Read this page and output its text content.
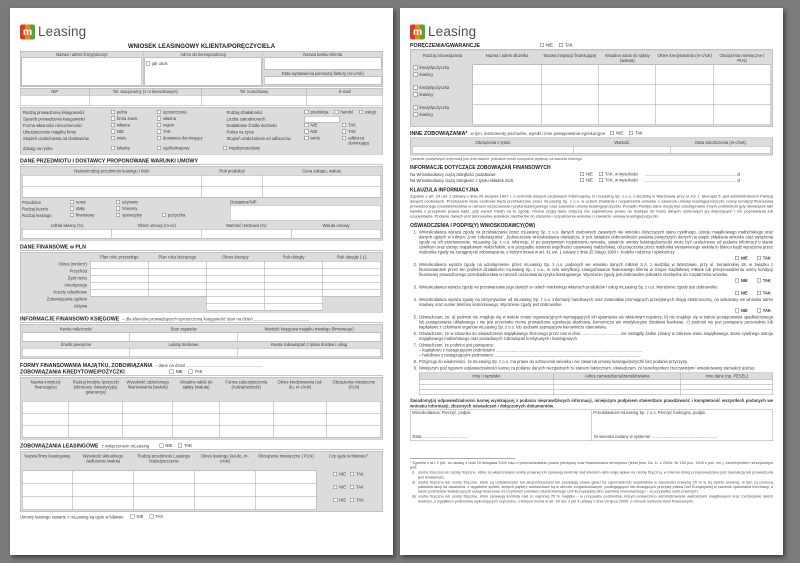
m Leasing
WNIOSEK LEASINGOWY KLIENTA/PORĘCZYCIELA
Nazwa i adres firmy/pieczęć	Adres do korespondencji
jak obok
Nazwa banku Klienta
Data wystawienia pierwszej faktury (m-c/rok)
NIP	Tel. stacjonarny (z nr kierunkowym)	Tel. komórkowy	E-mail

Rodzaj prowadzonej księgowości:	pełna	uproszczona
Sposób prowadzenia księgowości	firma zewn.	własna
Forma własności nieruchomości	własna	najem
Ubezpieczenie majątku firmy	NIE	TAK
Stopień uzależnienia od dostawców	wielu	dostawca dominujący
Rodzaj działalności:	produkcja handel usługi
Liczba zatrudnionych
Dodatkowe źródła dochodu	NIE	TAK
Polisa na życie	NIE	TAK
Stopień uzależnienia od odbiorców	wielu	odbiorca dominujący
Zasięg na rynku	lokalny	ogólnokrajowy	międzynarodowy
DANE PRZEDMIOTU I DOSTAWCY PROPONOWANE WARUNKI UMOWY
Nazwa/rodzaj przedmiotu leasingu / ilość	Rok produkcji	Cena zakupu, waluta

Przedmiot	nowy	używany
Rodzaj kosztu	stały	zmienny
Rodzaj leasingu	finansowy	operacyjny	pożyczka
Dostawca/NIP
Udział własny (%)	Okres umowy (m-ce)	Wartość resztowa (%)	Waluta umowy

DANE FINANSOWE w PLN
	Plan roku przyszłego	Plan roku bieżącego	Okres bieżący	Rok ubiegły	Rok ubiegły (-1)
Okres (mm/rrrr)					
Przychód					
Zysk netto					
Amortyzacja					
Koszty odsetkowe					
Zobowiązania ogółem					
Aktywa					
INFORMACJE FINANSOWO KSIĘGOWE – dla klientów prowadzących uproszczoną księgowość stan na dzień
Kwota należności	Stan zapasów	Wartość księgowa majątku trwałego (firmowego)

Środki pieniężne	Lokaty bankowe	Kwota zobowiązań z tytułu dostaw i usług

FORMY FINANSOWANIA MAJĄTKU, ZOBOWIĄZANIA - dane na dzień
ZOBOWIĄZANIA KREDYTOWE/POŻYCZKI	NIE TAK
Nazwa instytucji finansującej	Rodzaj kredytu /pożyczki (obrotowy, inwestycyjny, gwarancja)	Wysokość udzielonego finansowania (waluta)	Aktualne saldo do spłaty (waluta)	Forma zabezpieczenia (rodzaj/wartość)	Okres kredytowania (od-do, m-c/rok)	Obciążenia miesięczne (PLN)

ZOBOWIĄZANIA LEASINGOWE z wyłączeniem mLeasing NIE TAK
Nazwa firmy leasingowej	Wysokość aktualnego zadłużenia /waluta	Rodzaj przedmiotu Leasingu /zabezpieczenie	Okres leasingu (od-do, m-c/rok)	Obciążenia miesięczne ( PLN)	Czy ujęte w bilansie?

					NIE TAK

					NIE TAK

					NIE TAK
Umowy leasingu zawarte z mLeasing są ujęte w bilansie NIE TAK
m Leasing
PORĘCZENIA/GWARANCJE	NIE TAK
Rodzaj zobowiązania	Nazwa i adres dłużnika	Nazwa instytucji finansującej	Aktualne saldo do spłaty (waluta)	Okres kredytowania (m-c/rok)	Obciążenia miesięczne ( PLN)

kredyt/pożyczka
leasing					

kredyt/pożyczka
leasing					

kredyt/pożyczka
leasing					

INNE ZOBOWIĄZANIA* w tym: instrumenty pochodne, wyroki i inne postępowania egzekucyjne NIE TAK
Obciążenia z tytułu	Wartość	Data zakończenia (m-c/rok)

*podanie powyższych informacji jest dobrowolne, jednakże może korzystnie wpłynąć na warunki leasingu
INFORMACJE DOTYCZĄCE ZOBOWIĄZAŃ FINANSOWYCH
Na Wnioskodawcy ciążą zaległości podatkowe.	NIE TAK, w wysokości	zł
Na Wnioskodawcy ciążą zaległości z tytułu składek ZUS.	NIE TAK, w wysokości	zł
KLAUZULA INFORMACYJNA

Zgodnie z art. 24 ust. 1 Ustawy z dnia 29 sierpnia 1997 r. o ochronie danych osobowych informujemy, iż mLeasing Sp. z o.o. z siedzibą w Warszawie przy ul. Ks. I. Skorupki 5, jest administratorem Pani(a) danych osobowych. Przekazane dane osobowe będą przetwarzane przez mLeasing Sp. z o.o. w celach zbadania i rozpatrzenia wniosku o zawarcie umowy leasingu/pożyczki, oceny kondycji finansowej prowadzonego przedsiębiorstwa w ramach oszacowania ryzyka leasingowego oraz zawarcia umowy leasingu/pożyczki. Ponadto Pani(a) dane mogą być udostępniane innym podmiotom gdy obowiązek taki wynika z przepisów prawa bądź, gdy wyrazi Pan(i) na to zgodę. Osoba czyjej dane dotyczą ma zapewnione prawo do dostępu do treści danych osobowych jej dotyczących i ich poprawiania lub uzupełniania. Podanie danych jest dobrowolne jednakże niezbędne do złożenia i rozpatrzenia wniosku o zawarcie umowy leasingu/pożyczki.

OŚWIADCZENIA I PODPIS(Y) WNIOSKODAWCY(ÓW)
1. Wnioskodawca wyraża zgodę na przetwarzanie przez mLeasing Sp. z o.o. danych osobowych zawartych we wniosku dotyczących stanu cywilnego, ustroju majątkowego małżeńskiego oraz danych ujętych w rubryce „Inne zobowiązania”. Jednocześnie wnioskodawca oświadcza, iż jest świadom dobrowolności podania powyższych danych na etapie składania wniosku oraz wyrażenia zgody na ich przetwarzanie. mLeasing Sp. z o.o. informuje, iż po pozytywnym rozpatrzeniu wniosku, zawarcie umowy leasingu/pożyczki może być uzależnione od podania informacji o stanie cywilnym oraz ustroju majątkowym małżeńskim, a w przypadku istnienia wspólności ustawowej małżeńskiej, od poręczenia przez małżonka wystawionego weksla in blanco bądź wyrażenia przez małżonka zgody na zaciągnięcie zobowiązania, o którym mowa w art. 41 ust. 1 ustawy z dnia 25 lutego 1964 r. Kodeks rodzinny i opiekuńczy.
NIE TAK
2. Wnioskodawca wyraża zgodę na udostępnienie przez mLeasing Sp. z o.o. podanych we wniosku danych mBank S.A. z siedzibą w Warszawie, przy ul. Senatorskiej 18, w związku z finansowaniem przez ten podmiot działalności mLeasing Sp. z o.o., w celu weryfikacji zaangażowania finansowego klienta w Grupie Kapitałowej mBank lub przeprowadzenia oceny kondycji finansowej prowadzonego przedsiębiorstwa w ramach oszacowania ryzyka leasingowego. Wyrażenie zgody jest dobrowolne jednakże niezbędne do rozpatrzenia wniosku.
NIE TAK
3. Wnioskodawca wyraża zgodę na przetwarzanie jego danych w celach marketingu własnych produktów i usług mLeasing Sp. z o.o. Wyrażenie zgody jest dobrowolne.
NIE TAK
4. Wnioskodawca wyraża zgodę na otrzymywanie od mLeasing Sp. z o.o. informacji handlowych oraz materiałów promujących przesyłanych drogą elektroniczną, na wskazany we wniosku adres mailowy oraz numer telefonu komórkowego. Wyrażenie zgody jest dobrowolne.
NIE TAK
5. Oświadczam, że: a) podmiot nie znajduje się w trakcie zmian organizacyjnych wymagających ich ujawnienia we właściwym rejestrze, b) nie znajduje się w trakcie postępowania upadłościowego lub postępowania układowego i nie jest przeciwko niemu prowadzona egzekucja skarbowa, komornicza ani windykacyjne działania bankowe, c) podmiot nie jest powiązany personalnie lub kapitałowo z członkami organów mLeasing Sp. z o.o. lub osobami zajmującymi kierownicze stanowiska.
6. Oświadczam, że w stosunku do oświadczenia majątkowego złożonego przez nas w dniu .................................. nie nastąpiły żadne zmiany w zakresie stanu majątkowego, stanu cywilnego ustroju majątkowego małżeńskiego oraz posiadanych zobowiązań kredytowych i leasingowych.
7. Oświadczam, że podmiot jest powiązany:
– kapitałowo z następującymi podmiotami .................................................................................................................................
– handlowo z następującymi podmiotami .................................................................................................................................
8. Przyjmuję do wiadomości, że mLeasing Sp. z o.o. ma prawo do odrzucenia wniosku i nie zawarcia umowy leasingu/pożyczki bez podania przyczyny.
9. Niniejszym pod rygorem odpowiedzialności karnej za podanie danych niezgodnych ze stanem faktycznym, oświadczam, że beneficjentem rzeczywistym¹ wnioskowanej transakcji jest/są:
Imię i nazwisko	Adres zamieszkania/zameldowania	Inne dane (np. PESEL)

Świadomy(a) odpowiedzialności karnej wynikającej z podania nieprawdziwych informacji, niniejszym podpisem stwierdzam prawdziwość i kompletność wszystkich podanych we wniosku informacji, złożonych oświadczeń i dołączonych dokumentów.

Wnioskodawca: Pieczęć, podpis
Data: .......................................

Przedstawiciel mLeasing Sp. z o.o. Pieczęć funkcyjna, podpis.
Nr wniosku nadany w systemie: .........................................................
¹ Zgodnie z art. 2 pkt. 1a ustawy z dnia 16 listopada 2000 roku o przeciwdziałaniu praniu pieniędzy oraz finansowaniu terroryzmu (tekst jedn. Dz. U. z 2003r. Nr 153 poz. 1505 z póź. zm.), beneficjentem rzeczywistym jest:
i) osoba fizyczna lub osoby fizyczne, które są właścicielami osoby prawnej lub sprawują kontrolę nad klientem albo mają wpływ na osobę fizyczną, w imieniu której przeprowadzana jest transakcja lub prowadzona jest działalność,
ii) osoba fizyczna lub osoby fizyczne, które są udziałowcami lub akcjonariuszami lub posiadają prawo głosu na zgromadzeniu wspólników w wysokości powyżej 25 % w tej osobie prawnej, w tym za pomocą pakietów akcji na okaziciela, z wyjątkiem spółek, których papiery wartościowe są w obrocie zorganizowanym, podlegających lub stosujących przepisy prawa Unii Europejskiej w zakresie ujawniania informacji, a także podmiotów świadczących usługi finansowe na terytorium państwa członkowskiego Unii Europejskiej albo państwa równoważnego – w przypadku osób prawnych,
iii) osoba fizyczna lub osoby fizyczne, które sprawują kontrolę nad co najmniej 25 % majątku – w przypadku podmiotów, którym powierzono administrowanie wartościami majątkowymi oraz rozdzielanie takich wartości, z wyjątkiem podmiotów wykonujących czynności, o których mowa w art. 69 ust. 2 pkt 4 ustawy z dnia 29 lipca 2005r. o obrocie instrumentami finansowymi.
